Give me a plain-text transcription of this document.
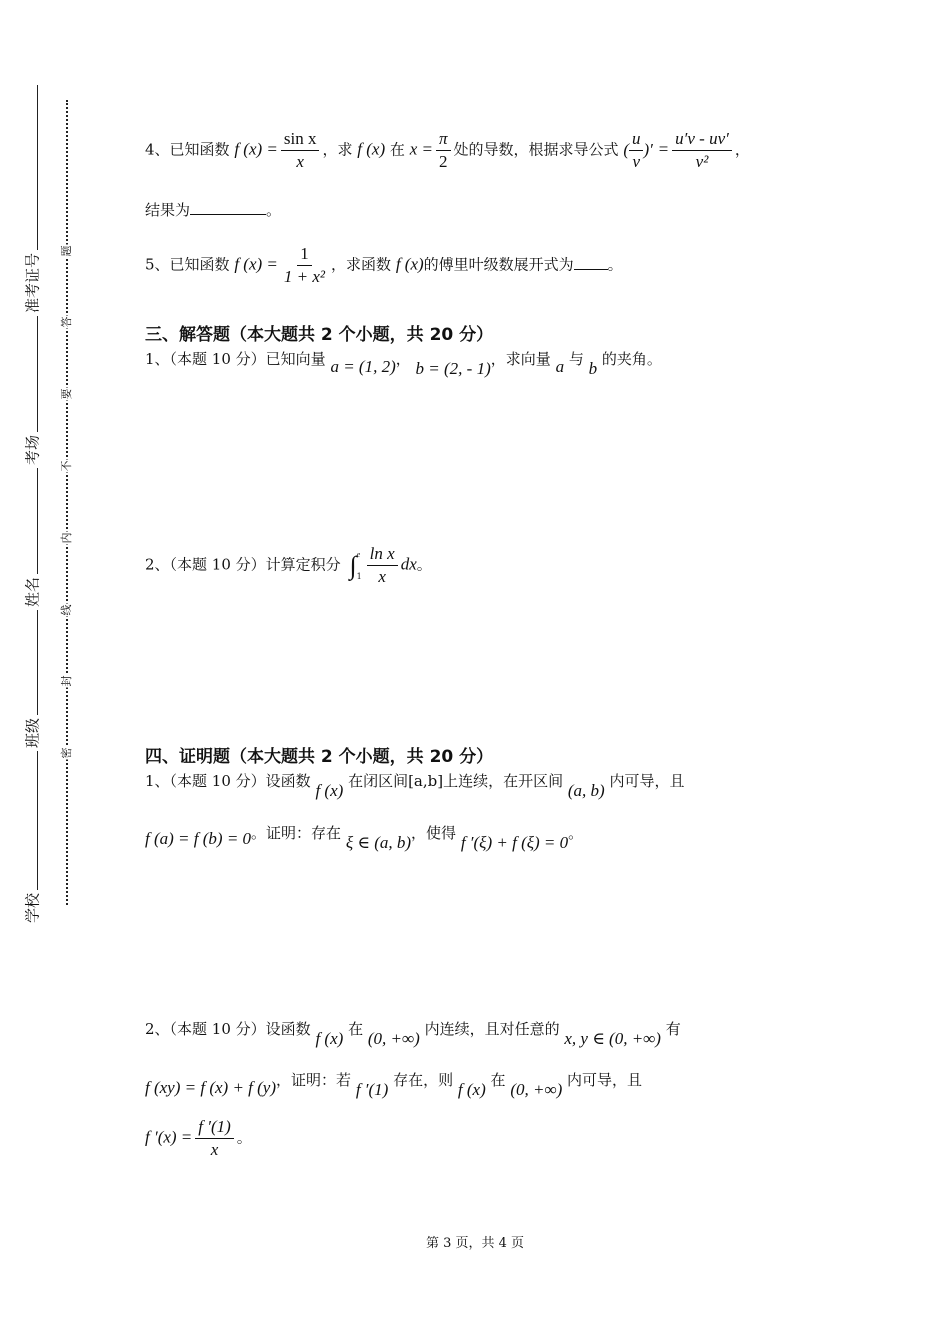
学校
班级
姓名
考场
准考证号
密
封
线
内
不
要
答
题
4、已知函数 f $(x) = \frac{\text{sin x}}{x}$ ，求 f (x) 在 $x = \frac{\pi}{2}$ 处的导数，根据求导公式 ( $\frac{u}{v}$ )′ = $\frac{u'v - uv'}{\text{v²}}$ ，
结果为	。
5、已知函数 f $(x) = \frac{1}{\text{1 + x²}}$ ，求函数 f (x)的傅里叶级数展开式为 。
三、解答题（本大题共 2 个小题，共 20 分）
1、（本题 10 分）已知向量 a = (1, 2)， b = (2, - 1)，求向量 a 与 b 的夹角。
2、（本题 10 分）计算定积分 ∫ e
$1 \frac{\text{ln x}}{x}$ dx。
四、证明题（本大题共 2 个小题，共 20 分）
1、（本题 10 分）设函数 f (x) 在闭区间[a,b]上连续，在开区间 (a, b) 内可导，且
f (a) = f (b) = 0。证明：存在 ξ ∈ (a, b)，使得 f ′(ξ) + f (ξ) = 0。
2、（本题 10 分）设函数 f (x) 在 (0, +∞) 内连续，且对任意的 x, y ∈ (0, +∞) 有
f (xy) = f (x) + f (y)，证明：若 f ′(1) 存在，则 f (x) 在 (0, +∞) 内可导，且
f $'(x) = \frac{f '(1)}{x}$ 。
第 3 页，共 4 页
